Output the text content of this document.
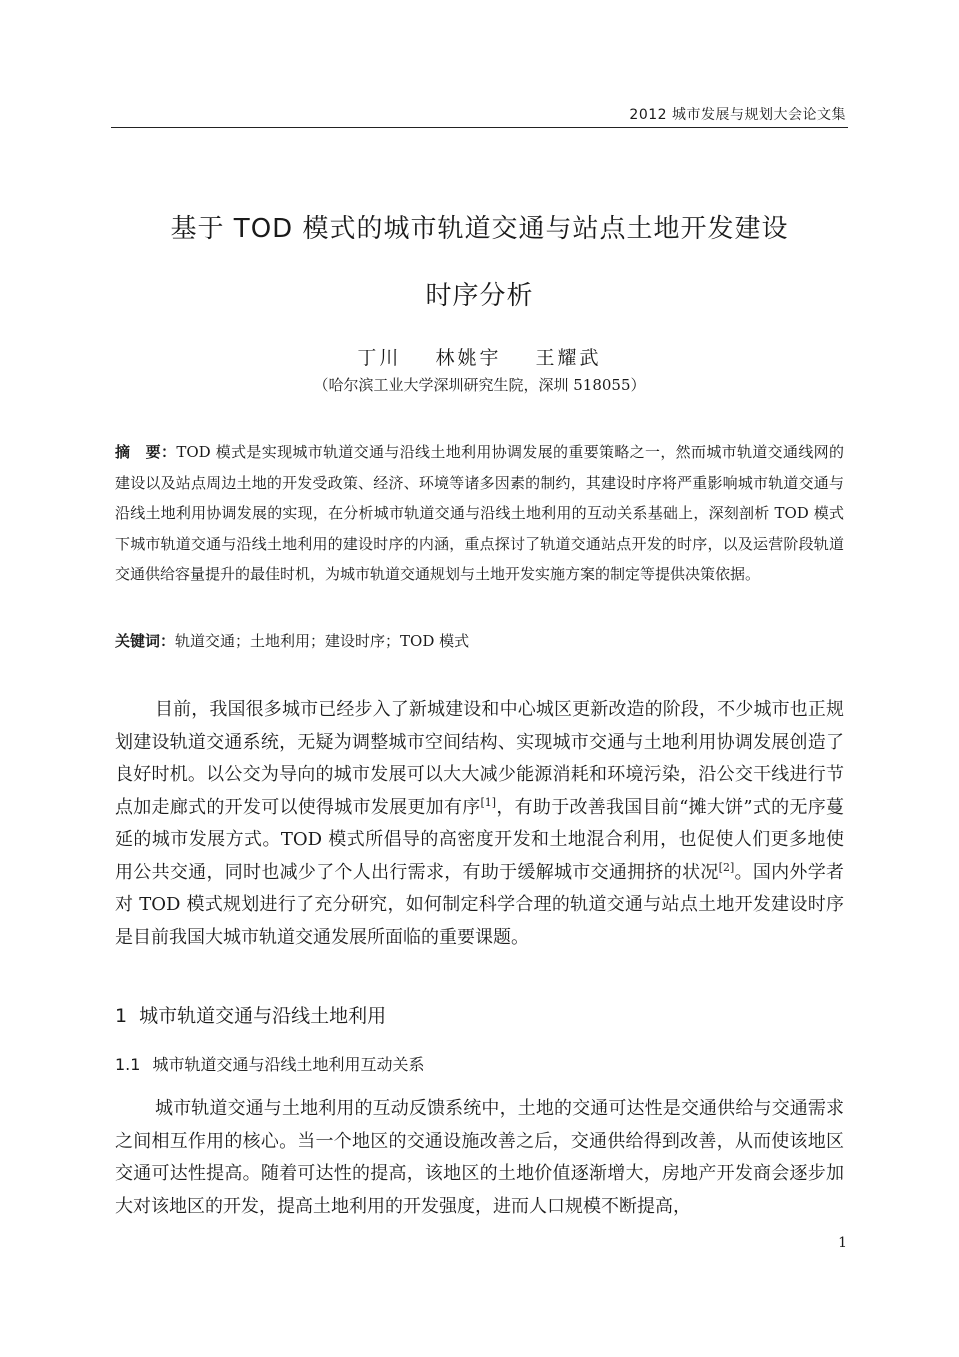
2012 城市发展与规划大会论文集
基于 TOD 模式的城市轨道交通与站点土地开发建设
时序分析
丁川 林姚宇 王耀武
（哈尔滨工业大学深圳研究生院，深圳 518055）
摘　要：TOD 模式是实现城市轨道交通与沿线土地利用协调发展的重要策略之一，然而城市轨道交通线网的建设以及站点周边土地的开发受政策、经济、环境等诸多因素的制约，其建设时序将严重影响城市轨道交通与沿线土地利用协调发展的实现，在分析城市轨道交通与沿线土地利用的互动关系基础上，深刻剖析 TOD 模式下城市轨道交通与沿线土地利用的建设时序的内涵，重点探讨了轨道交通站点开发的时序，以及运营阶段轨道交通供给容量提升的最佳时机，为城市轨道交通规划与土地开发实施方案的制定等提供决策依据。
关键词：轨道交通；土地利用；建设时序；TOD 模式
目前，我国很多城市已经步入了新城建设和中心城区更新改造的阶段，不少城市也正规划建设轨道交通系统，无疑为调整城市空间结构、实现城市交通与土地利用协调发展创造了良好时机。以公交为导向的城市发展可以大大减少能源消耗和环境污染，沿公交干线进行节点加走廊式的开发可以使得城市发展更加有序[1]，有助于改善我国目前“摊大饼”式的无序蔓延的城市发展方式。TOD 模式所倡导的高密度开发和土地混合利用，也促使人们更多地使用公共交通，同时也减少了个人出行需求，有助于缓解城市交通拥挤的状况[2]。国内外学者对 TOD 模式规划进行了充分研究，如何制定科学合理的轨道交通与站点土地开发建设时序是目前我国大城市轨道交通发展所面临的重要课题。
1 城市轨道交通与沿线土地利用
1.1 城市轨道交通与沿线土地利用互动关系
城市轨道交通与土地利用的互动反馈系统中，土地的交通可达性是交通供给与交通需求之间相互作用的核心。当一个地区的交通设施改善之后，交通供给得到改善，从而使该地区交通可达性提高。随着可达性的提高，该地区的土地价值逐渐增大，房地产开发商会逐步加大对该地区的开发，提高土地利用的开发强度，进而人口规模不断提高，
1
